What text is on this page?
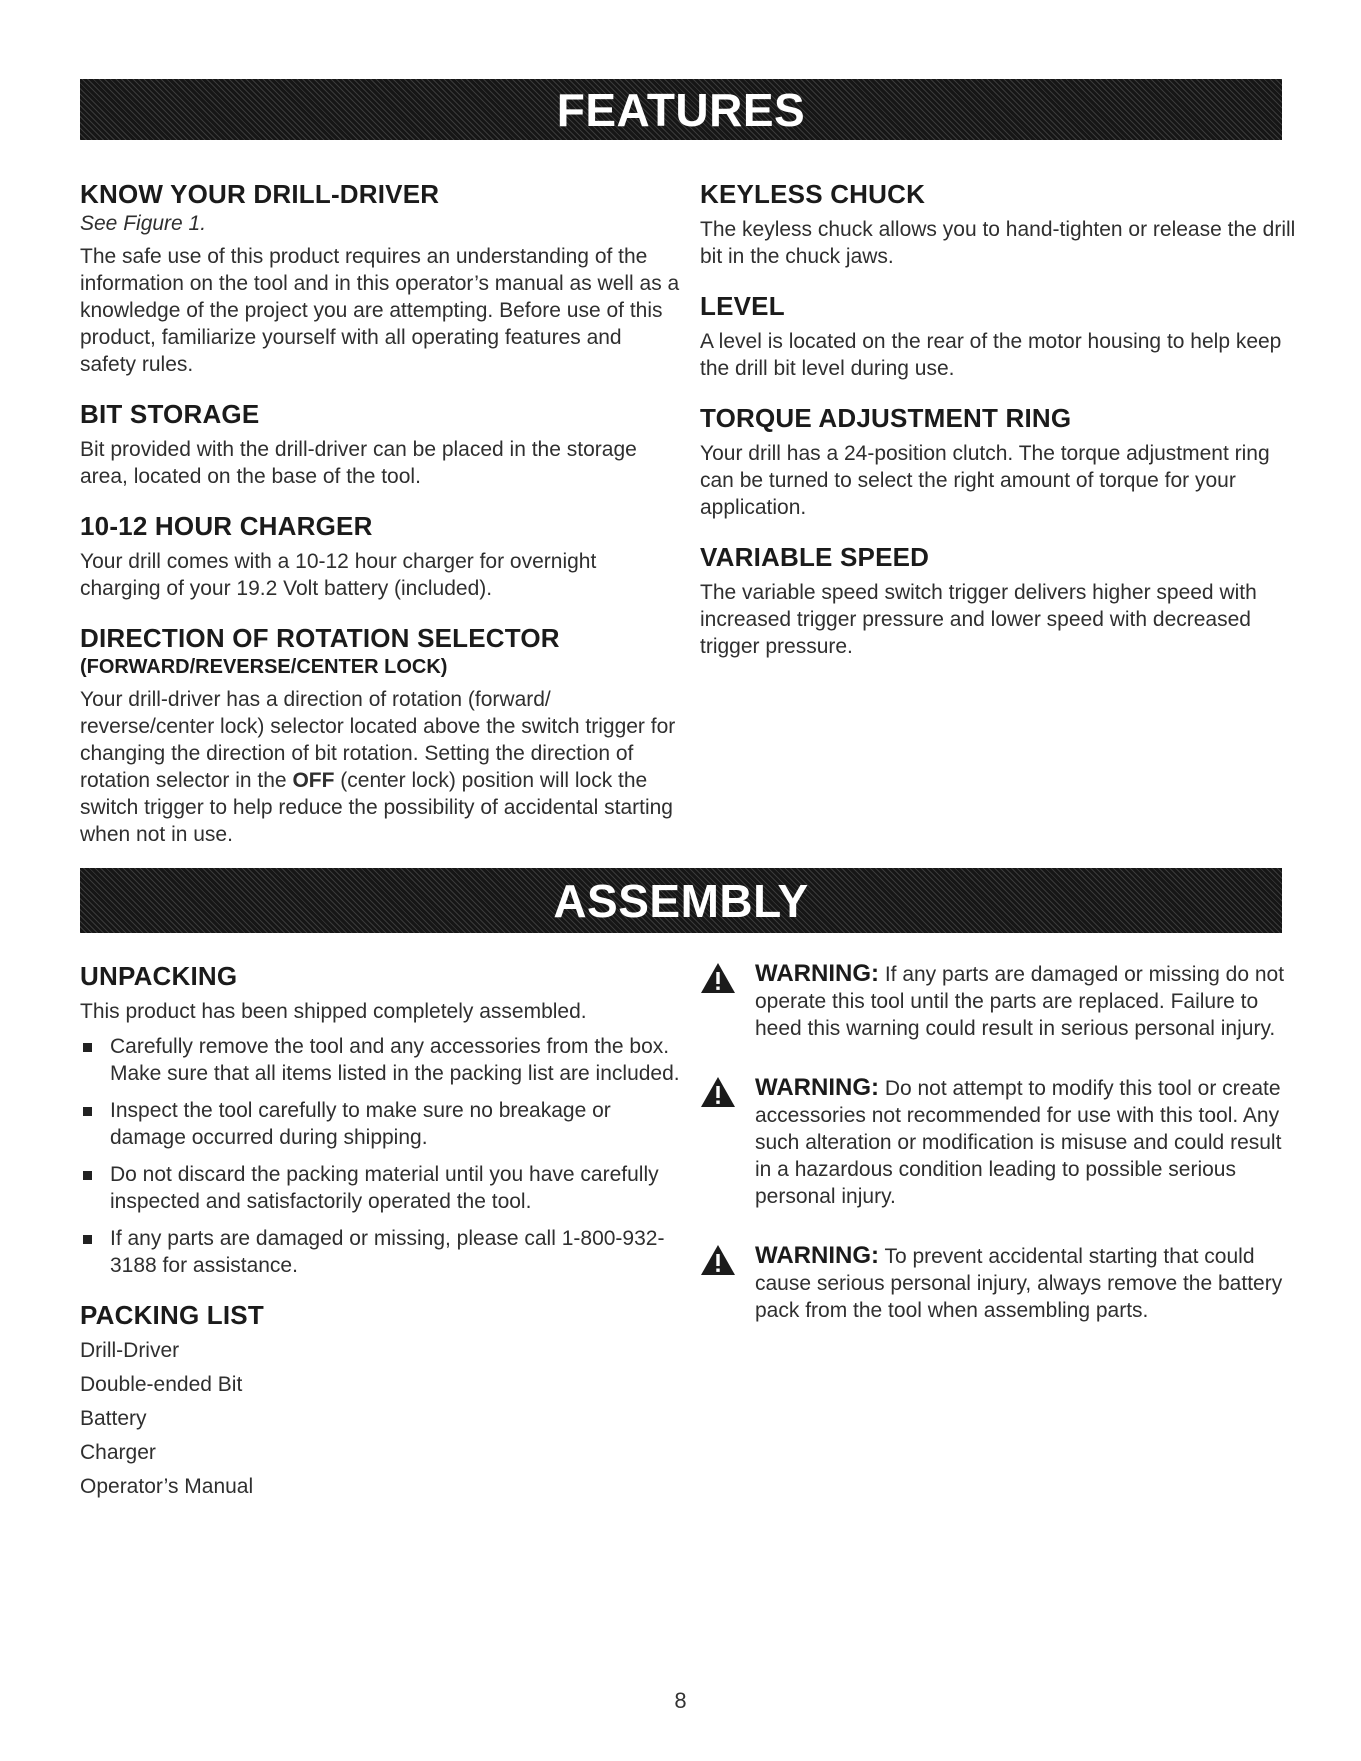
FEATURES
KNOW YOUR DRILL-DRIVER

See Figure 1.

The safe use of this product requires an understanding of the information on the tool and in this operator’s manual as well as a knowledge of the project you are attempting. Before use of this product, familiarize yourself with all operating features and safety rules.

BIT STORAGE

Bit provided with the drill-driver can be placed in the storage area, located on the base of the tool.

10-12 HOUR CHARGER

Your drill comes with a 10-12 hour charger for overnight charging of your 19.2 Volt battery (included).

DIRECTION OF ROTATION SELECTOR
(FORWARD/REVERSE/CENTER LOCK)

Your drill-driver has a direction of rotation (forward/ reverse/center lock) selector located above the switch trigger for changing the direction of bit rotation. Setting the direction of rotation selector in the OFF (center lock) position will lock the switch trigger to help reduce the possibility of accidental starting when not in use.

KEYLESS CHUCK

The keyless chuck allows you to hand-tighten or release the drill bit in the chuck jaws.

LEVEL

A level is located on the rear of the motor housing to help keep the drill bit level during use.

TORQUE ADJUSTMENT RING

Your drill has a 24-position clutch. The torque adjustment ring can be turned to select the right amount of torque for your application.

VARIABLE SPEED

The variable speed switch trigger delivers higher speed with increased trigger pressure and lower speed with decreased trigger pressure.

ASSEMBLY
UNPACKING

This product has been shipped completely assembled.

Carefully remove the tool and any accessories from the box. Make sure that all items listed in the packing list are included.
Inspect the tool carefully to make sure no breakage or damage occurred during shipping.
Do not discard the packing material until you have carefully inspected and satisfactorily operated the tool.
If any parts are damaged or missing, please call 1-800-932-3188 for assistance.
PACKING LIST

Drill-Driver

Double-ended Bit

Battery

Charger

Operator’s Manual

WARNING: If any parts are damaged or missing do not operate this tool until the parts are replaced. Failure to heed this warning could result in serious personal injury.

WARNING: Do not attempt to modify this tool or create accessories not recommended for use with this tool. Any such alteration or modification is misuse and could result in a hazardous condition leading to possible serious personal injury.

WARNING: To prevent accidental starting that could cause serious personal injury, always remove the battery pack from the tool when assembling parts.

8
